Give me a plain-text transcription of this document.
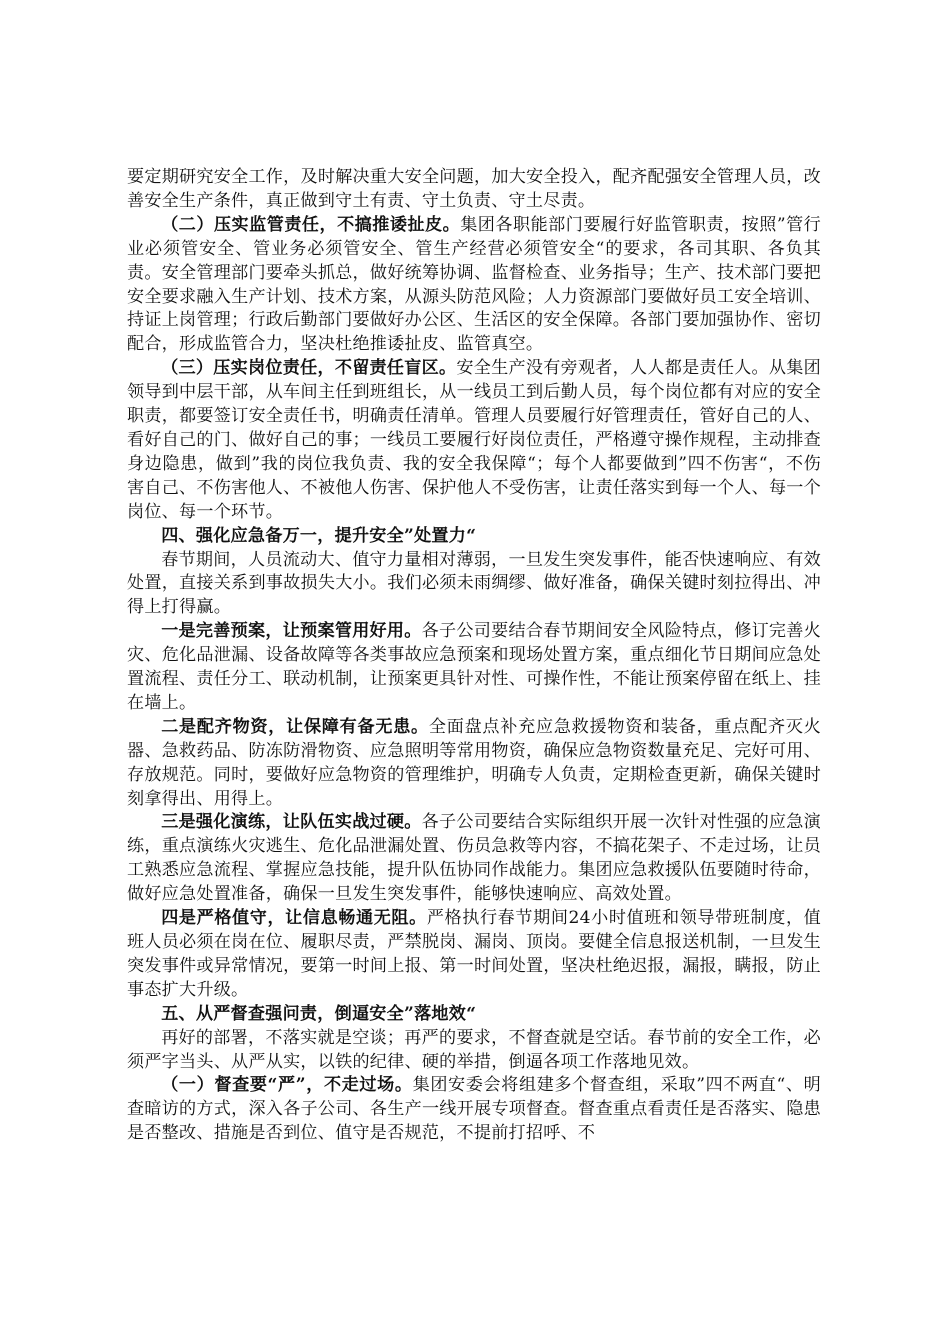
要定期研究安全工作，及时解决重大安全问题，加大安全投入，配齐配强安全管理人员，改善安全生产条件，真正做到守土有责、守土负责、守土尽责。

（二）压实监管责任，不搞推诿扯皮。集团各职能部门要履行好监管职责，按照”管行业必须管安全、管业务必须管安全、管生产经营必须管安全“的要求，各司其职、各负其责。安全管理部门要牵头抓总，做好统筹协调、监督检查、业务指导；生产、技术部门要把安全要求融入生产计划、技术方案，从源头防范风险；人力资源部门要做好员工安全培训、持证上岗管理；行政后勤部门要做好办公区、生活区的安全保障。各部门要加强协作、密切配合，形成监管合力，坚决杜绝推诿扯皮、监管真空。

（三）压实岗位责任，不留责任盲区。安全生产没有旁观者，人人都是责任人。从集团领导到中层干部，从车间主任到班组长，从一线员工到后勤人员，每个岗位都有对应的安全职责，都要签订安全责任书，明确责任清单。管理人员要履行好管理责任，管好自己的人、看好自己的门、做好自己的事；一线员工要履行好岗位责任，严格遵守操作规程，主动排查身边隐患，做到”我的岗位我负责、我的安全我保障“；每个人都要做到”四不伤害“，不伤害自己、不伤害他人、不被他人伤害、保护他人不受伤害，让责任落实到每一个人、每一个岗位、每一个环节。

四、强化应急备万一，提升安全”处置力“

春节期间，人员流动大、值守力量相对薄弱，一旦发生突发事件，能否快速响应、有效处置，直接关系到事故损失大小。我们必须未雨绸缪、做好准备，确保关键时刻拉得出、冲得上打得赢。

一是完善预案，让预案管用好用。各子公司要结合春节期间安全风险特点，修订完善火灾、危化品泄漏、设备故障等各类事故应急预案和现场处置方案，重点细化节日期间应急处置流程、责任分工、联动机制，让预案更具针对性、可操作性，不能让预案停留在纸上、挂在墙上。

二是配齐物资，让保障有备无患。全面盘点补充应急救援物资和装备，重点配齐灭火器、急救药品、防冻防滑物资、应急照明等常用物资，确保应急物资数量充足、完好可用、存放规范。同时，要做好应急物资的管理维护，明确专人负责，定期检查更新，确保关键时刻拿得出、用得上。

三是强化演练，让队伍实战过硬。各子公司要结合实际组织开展一次针对性强的应急演练，重点演练火灾逃生、危化品泄漏处置、伤员急救等内容，不搞花架子、不走过场，让员工熟悉应急流程、掌握应急技能，提升队伍协同作战能力。集团应急救援队伍要随时待命，做好应急处置准备，确保一旦发生突发事件，能够快速响应、高效处置。

四是严格值守，让信息畅通无阻。严格执行春节期间24小时值班和领导带班制度，值班人员必须在岗在位、履职尽责，严禁脱岗、漏岗、顶岗。要健全信息报送机制，一旦发生突发事件或异常情况，要第一时间上报、第一时间处置，坚决杜绝迟报，漏报，瞒报，防止事态扩大升级。

五、从严督查强问责，倒逼安全”落地效“

再好的部署，不落实就是空谈；再严的要求，不督查就是空话。春节前的安全工作，必须严字当头、从严从实，以铁的纪律、硬的举措，倒逼各项工作落地见效。

（一）督查要“严”，不走过场。集团安委会将组建多个督查组，采取”四不两直“、明查暗访的方式，深入各子公司、各生产一线开展专项督查。督查重点看责任是否落实、隐患是否整改、措施是否到位、值守是否规范，不提前打招呼、不
